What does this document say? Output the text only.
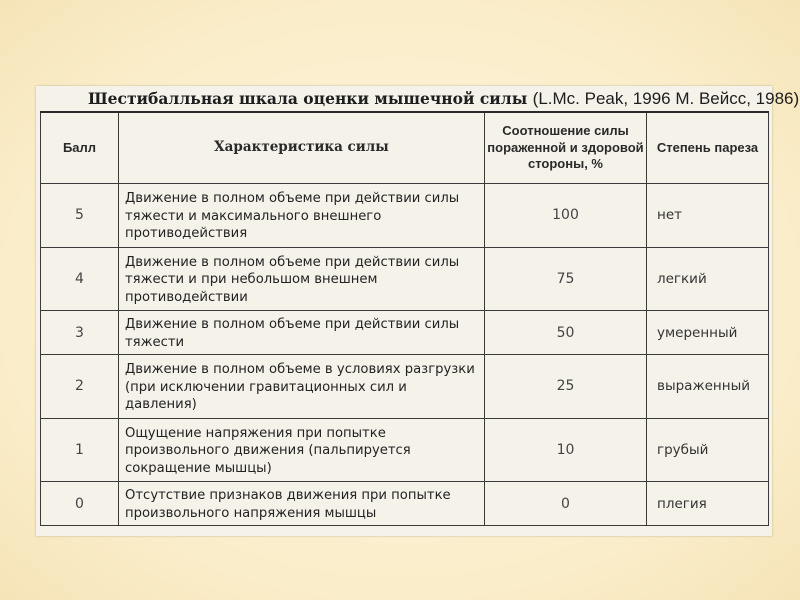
Шестибалльная шкала оценки мышечной силы (L.Mc. Peak, 1996 М. Вейсс, 1986)
Балл	Характеристика силы	Соотношение силы пораженной и здоровой стороны, %	Степень пареза
5	Движение в полном объеме при действии силы тяжести и максимального внешнего противодействия	100	нет
4	Движение в полном объеме при действии силы тяжести и при небольшом внешнем противодействии	75	легкий
3	Движение в полном объеме при действии силы тяжести	50	умеренный
2	Движение в полном объеме в условиях разгрузки (при исключении гравитационных сил и давления)	25	выраженный
1	Ощущение напряжения при попытке произвольного движения (пальпируется сокращение мышцы)	10	грубый
0	Отсутствие признаков движения при попытке произвольного напряжения мышцы	0	плегия
